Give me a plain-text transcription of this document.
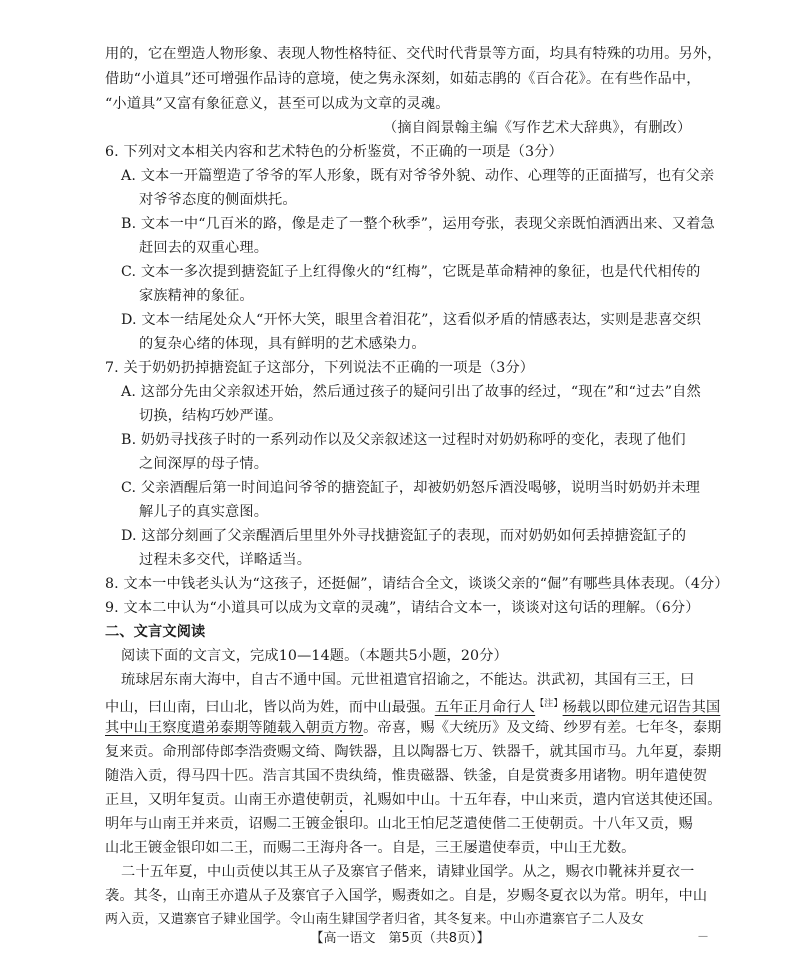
用的，它在塑造人物形象、表现人物性格特征、交代时代背景等方面，均具有特殊的功用。另外，
借助“小道具”还可增强作品诗的意境，使之隽永深刻，如茹志鹃的《百合花》。在有些作品中，
“小道具”又富有象征意义，甚至可以成为文章的灵魂。
（摘自阎景翰主编《写作艺术大辞典》，有删改）
6. 下列对文本相关内容和艺术特色的分析鉴赏，不正确的一项是（3分）
A. 文本一开篇塑造了爷爷的军人形象，既有对爷爷外貌、动作、心理等的正面描写，也有父亲
对爷爷态度的侧面烘托。
B. 文本一中“几百米的路，像是走了一整个秋季”，运用夸张，表现父亲既怕酒洒出来、又着急
赶回去的双重心理。
C. 文本一多次提到搪瓷缸子上红得像火的“红梅”，它既是革命精神的象征，也是代代相传的
家族精神的象征。
D. 文本一结尾处众人“开怀大笑，眼里含着泪花”，这看似矛盾的情感表达，实则是悲喜交织
的复杂心绪的体现，具有鲜明的艺术感染力。
7. 关于奶奶扔掉搪瓷缸子这部分，下列说法不正确的一项是（3分）
A. 这部分先由父亲叙述开始，然后通过孩子的疑问引出了故事的经过，“现在”和“过去”自然
切换，结构巧妙严谨。
B. 奶奶寻找孩子时的一系列动作以及父亲叙述这一过程时对奶奶称呼的变化，表现了他们
之间深厚的母子情。
C. 父亲酒醒后第一时间追问爷爷的搪瓷缸子，却被奶奶怒斥酒没喝够，说明当时奶奶并未理
解儿子的真实意图。
D. 这部分刻画了父亲醒酒后里里外外寻找搪瓷缸子的表现，而对奶奶如何丢掉搪瓷缸子的
过程未多交代，详略适当。
8. 文本一中钱老头认为“这孩子，还挺倔”，请结合全文，谈谈父亲的“倔”有哪些具体表现。（4分）
9. 文本二中认为“小道具可以成为文章的灵魂”，请结合文本一，谈谈对这句话的理解。（6分）
二、文言文阅读
阅读下面的文言文，完成10—14题。（本题共5小题，20分）
琉球居东南大海中，自古不通中国。元世祖遣官招谕之，不能达。洪武初，其国有三王，曰
中山，曰山南，曰山北，皆以尚为姓，而中山最强。五年正月命行人$^{【注】}$杨载以即位建元诏告其国
其中山王察度遣弟泰期等随载入朝贡方物。帝喜，赐《大统历》及文绮、纱罗有差。七年冬，泰期
复来贡。命刑部侍郎李浩赍赐文绮、陶铁器，且以陶器七万、铁器千，就其国市马。九年夏，泰期
随浩入贡，得马四十匹。浩言其国不贵纨绮，惟贵磁器、铁釜，自是赏赉多用诸物。明年遣使贺
正旦，又明年复贡。山南王亦遣使朝贡，礼赐如中山。十五年春，中山来贡，遣内官送其使还国。
明年与山南王并来贡，诏赐二王镀金银印。山北王怕尼芝遣使偕二王使朝贡。十八年又贡，赐
山北王镀金银印如二王，而赐二王海舟各一。自是，三王屡遣使奉贡，中山王尤数。
二十五年夏，中山贡使以其王从子及寨官子偕来，请肄业国学。从之，赐衣巾靴袜并夏衣一
袭。其冬，山南王亦遣从子及寨官子入国学，赐赉如之。自是，岁赐冬夏衣以为常。明年，中山
两入贡，又遣寨官子肄业国学。令山南生肄国学者归省，其冬复来。中山亦遣寨官子二人及女
【高一语文　第5页（共8页）】	—
